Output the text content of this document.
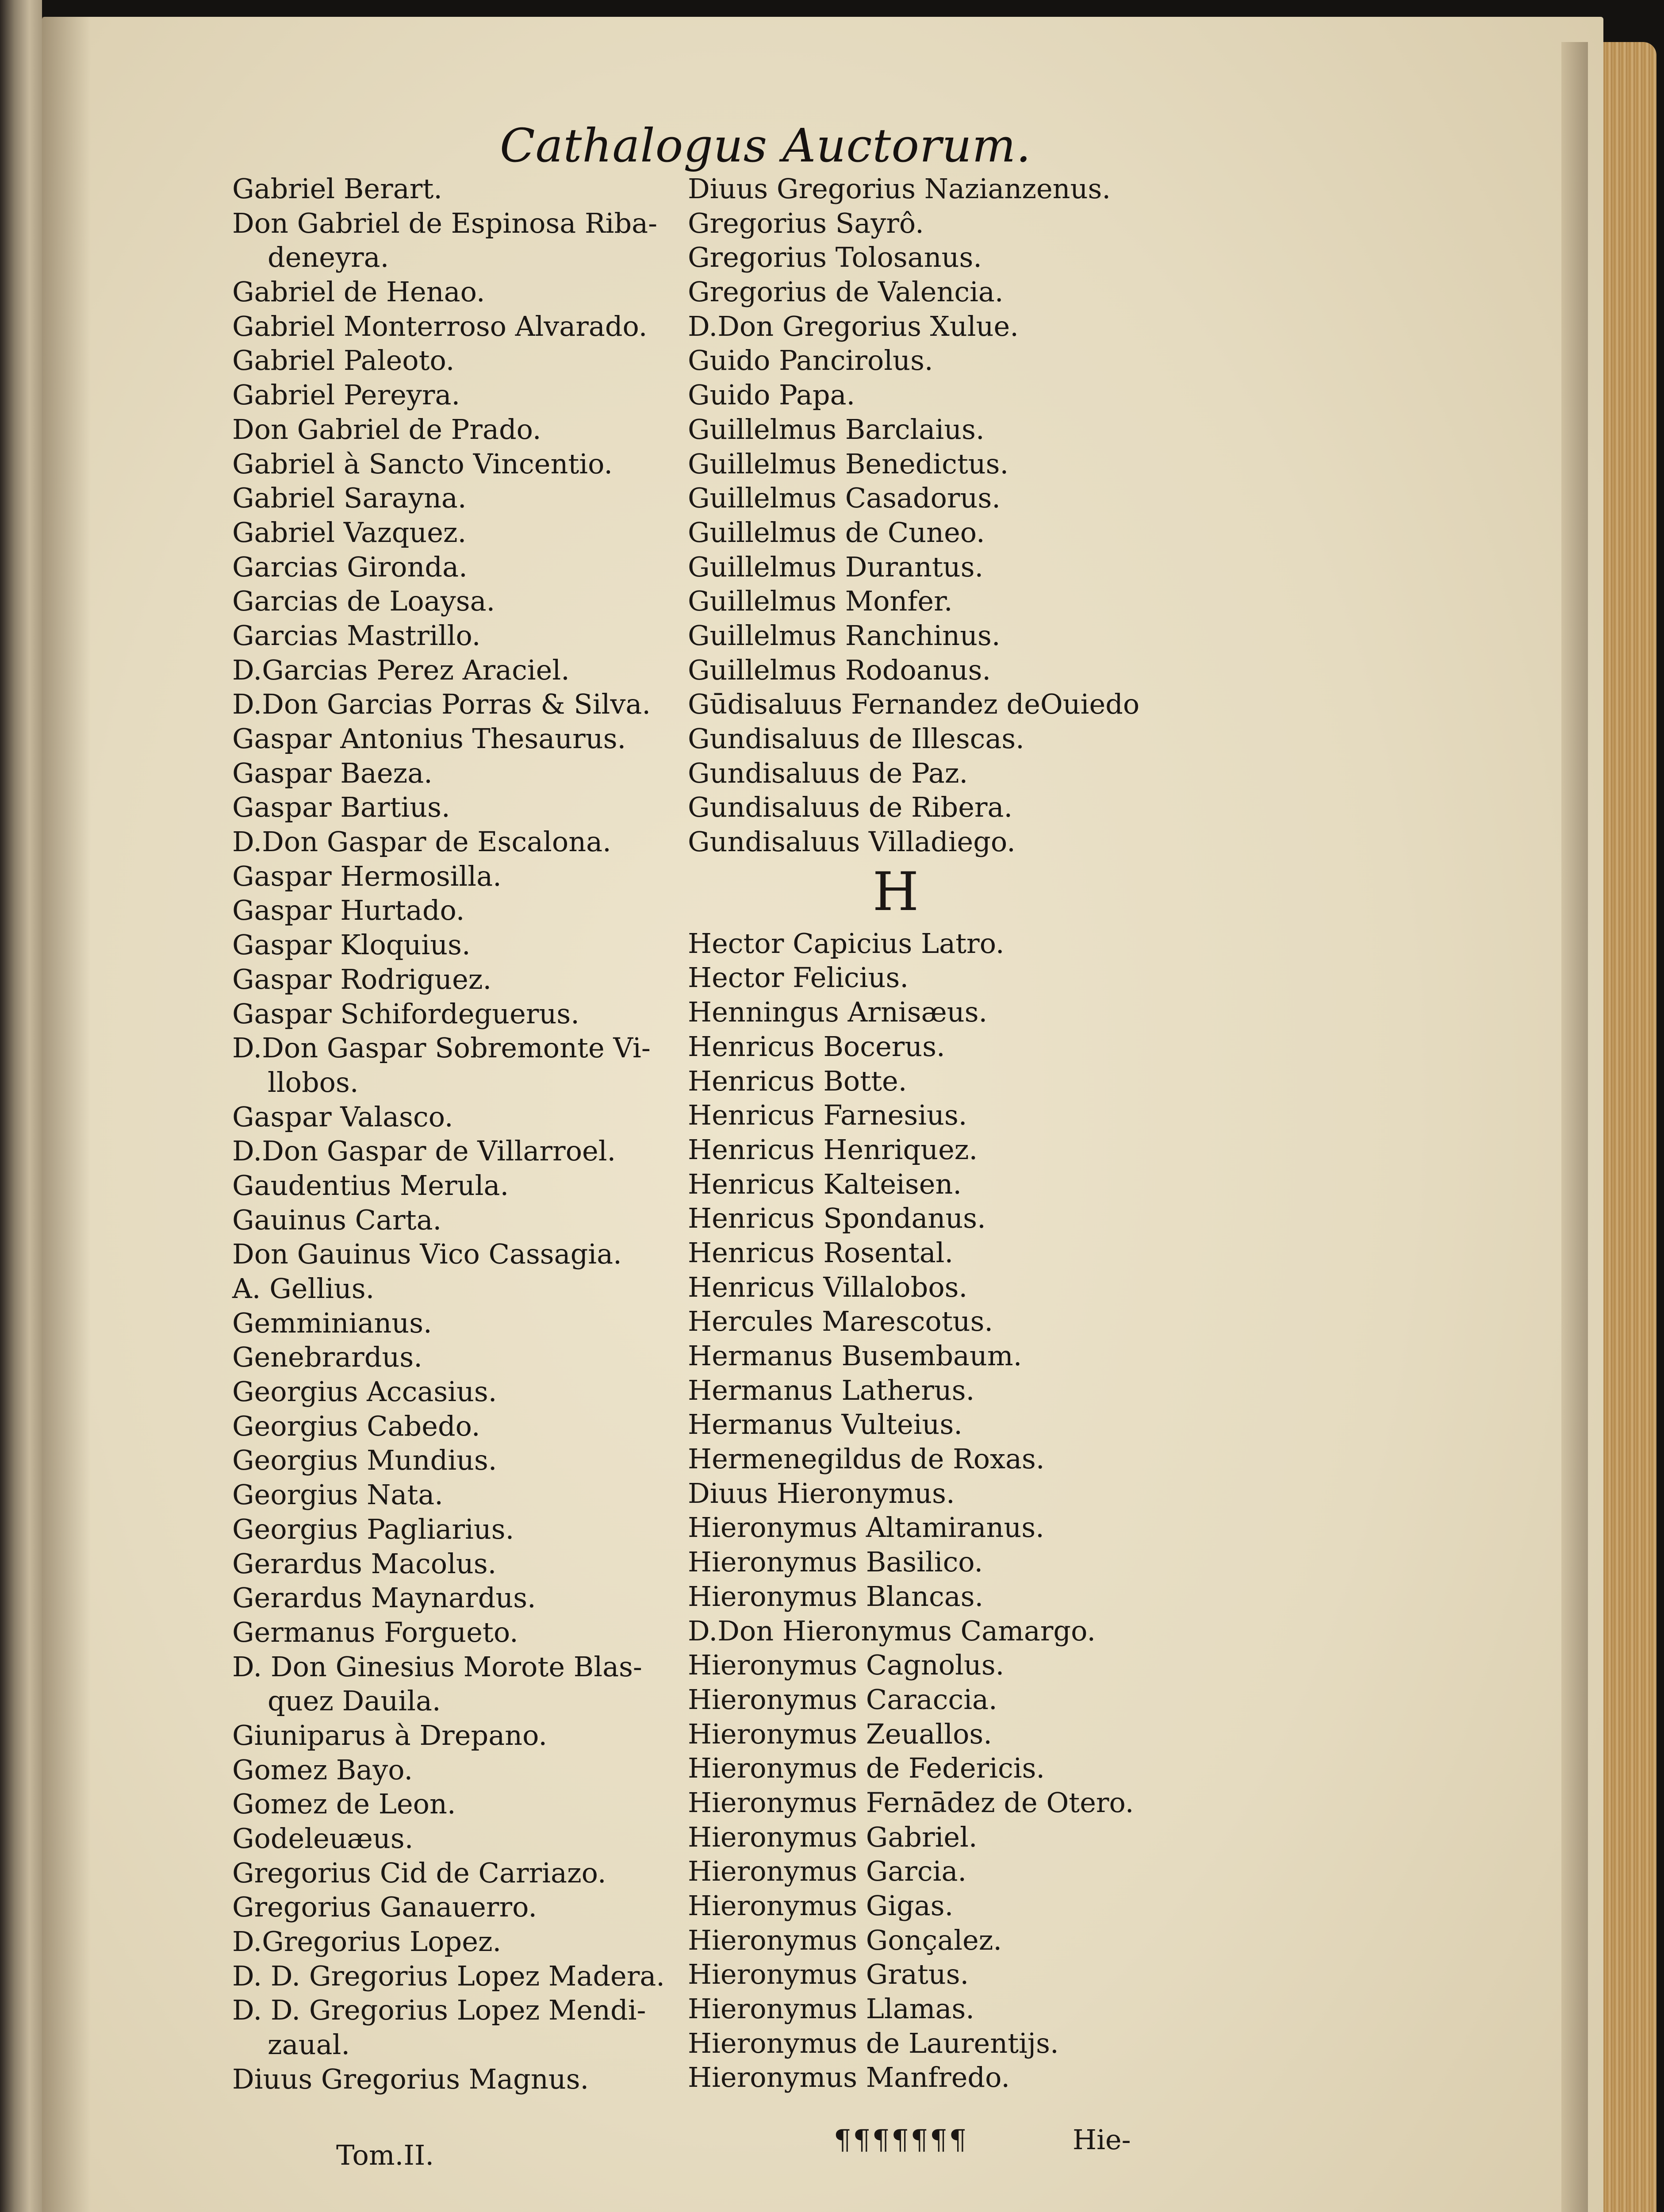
Cathalogus Auctorum.
Gabriel Berart.
Don Gabriel de Espinosa Riba-
deneyra.
Gabriel de Henao.
Gabriel Monterroso Alvarado.
Gabriel Paleoto.
Gabriel Pereyra.
Don Gabriel de Prado.
Gabriel à Sancto Vincentio.
Gabriel Sarayna.
Gabriel Vazquez.
Garcias Gironda.
Garcias de Loaysa.
Garcias Mastrillo.
D.Garcias Perez Araciel.
D.Don Garcias Porras & Silva.
Gaspar Antonius Thesaurus.
Gaspar Baeza.
Gaspar Bartius.
D.Don Gaspar de Escalona.
Gaspar Hermosilla.
Gaspar Hurtado.
Gaspar Kloquius.
Gaspar Rodriguez.
Gaspar Schifordeguerus.
D.Don Gaspar Sobremonte Vi-
llobos.
Gaspar Valasco.
D.Don Gaspar de Villarroel.
Gaudentius Merula.
Gauinus Carta.
Don Gauinus Vico Cassagia.
A. Gellius.
Gemminianus.
Genebrardus.
Georgius Accasius.
Georgius Cabedo.
Georgius Mundius.
Georgius Nata.
Georgius Pagliarius.
Gerardus Macolus.
Gerardus Maynardus.
Germanus Forgueto.
D. Don Ginesius Morote Blas-
quez Dauila.
Giuniparus à Drepano.
Gomez Bayo.
Gomez de Leon.
Godeleuæus.
Gregorius Cid de Carriazo.
Gregorius Ganauerro.
D.Gregorius Lopez.
D. D. Gregorius Lopez Madera.
D. D. Gregorius Lopez Mendi-
zaual.
Diuus Gregorius Magnus.
Diuus Gregorius Nazianzenus.
Gregorius Sayrô.
Gregorius Tolosanus.
Gregorius de Valencia.
D.Don Gregorius Xulue.
Guido Pancirolus.
Guido Papa.
Guillelmus Barclaius.
Guillelmus Benedictus.
Guillelmus Casadorus.
Guillelmus de Cuneo.
Guillelmus Durantus.
Guillelmus Monfer.
Guillelmus Ranchinus.
Guillelmus Rodoanus.
Gūdisaluus Fernandez deOuiedo
Gundisaluus de Illescas.
Gundisaluus de Paz.
Gundisaluus de Ribera.
Gundisaluus Villadiego.
H
Hector Capicius Latro.
Hector Felicius.
Henningus Arnisæus.
Henricus Bocerus.
Henricus Botte.
Henricus Farnesius.
Henricus Henriquez.
Henricus Kalteisen.
Henricus Spondanus.
Henricus Rosental.
Henricus Villalobos.
Hercules Marescotus.
Hermanus Busembaum.
Hermanus Latherus.
Hermanus Vulteius.
Hermenegildus de Roxas.
Diuus Hieronymus.
Hieronymus Altamiranus.
Hieronymus Basilico.
Hieronymus Blancas.
D.Don Hieronymus Camargo.
Hieronymus Cagnolus.
Hieronymus Caraccia.
Hieronymus Zeuallos.
Hieronymus de Federicis.
Hieronymus Fernādez de Otero.
Hieronymus Gabriel.
Hieronymus Garcia.
Hieronymus Gigas.
Hieronymus Gonçalez.
Hieronymus Gratus.
Hieronymus Llamas.
Hieronymus de Laurentijs.
Hieronymus Manfredo.
Tom.II.	¶¶¶¶¶¶¶	Hie-
